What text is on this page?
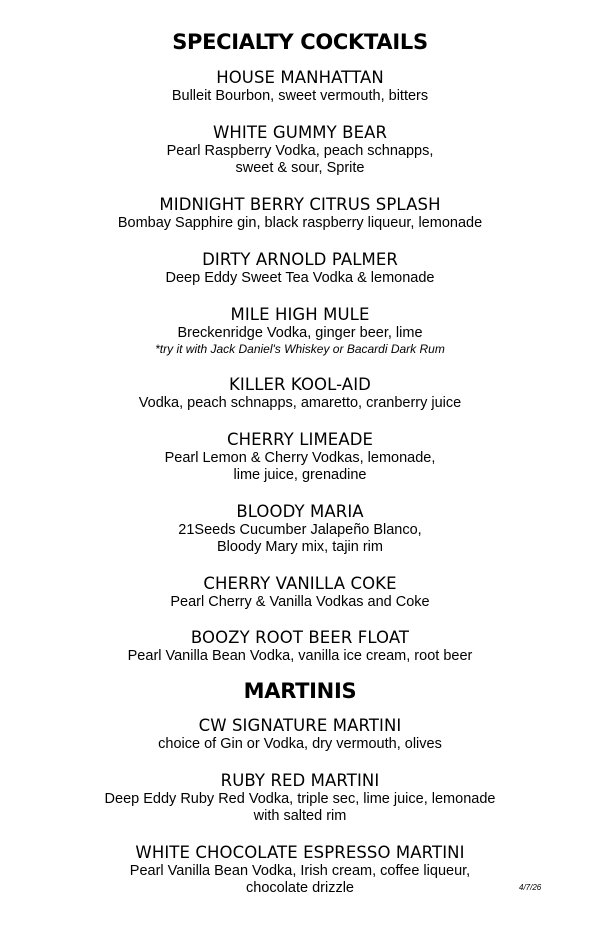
SPECIALTY COCKTAILS
HOUSE MANHATTAN
Bulleit Bourbon, sweet vermouth, bitters
WHITE GUMMY BEAR
Pearl Raspberry Vodka, peach schnapps,
sweet & sour, Sprite
MIDNIGHT BERRY CITRUS SPLASH
Bombay Sapphire gin, black raspberry liqueur, lemonade
DIRTY ARNOLD PALMER
Deep Eddy Sweet Tea Vodka & lemonade
MILE HIGH MULE
Breckenridge Vodka, ginger beer, lime
*try it with Jack Daniel's Whiskey or Bacardi Dark Rum
KILLER KOOL-AID
Vodka, peach schnapps, amaretto, cranberry juice
CHERRY LIMEADE
Pearl Lemon & Cherry Vodkas, lemonade,
lime juice, grenadine
BLOODY MARIA
21Seeds Cucumber Jalapeño Blanco,
Bloody Mary mix, tajin rim
CHERRY VANILLA COKE
Pearl Cherry & Vanilla Vodkas and Coke
BOOZY ROOT BEER FLOAT
Pearl Vanilla Bean Vodka, vanilla ice cream, root beer
MARTINIS
CW SIGNATURE MARTINI
choice of Gin or Vodka, dry vermouth, olives
RUBY RED MARTINI
Deep Eddy Ruby Red Vodka, triple sec, lime juice, lemonade
with salted rim
WHITE CHOCOLATE ESPRESSO MARTINI
Pearl Vanilla Bean Vodka, Irish cream, coffee liqueur,
chocolate drizzle	4/7/26
